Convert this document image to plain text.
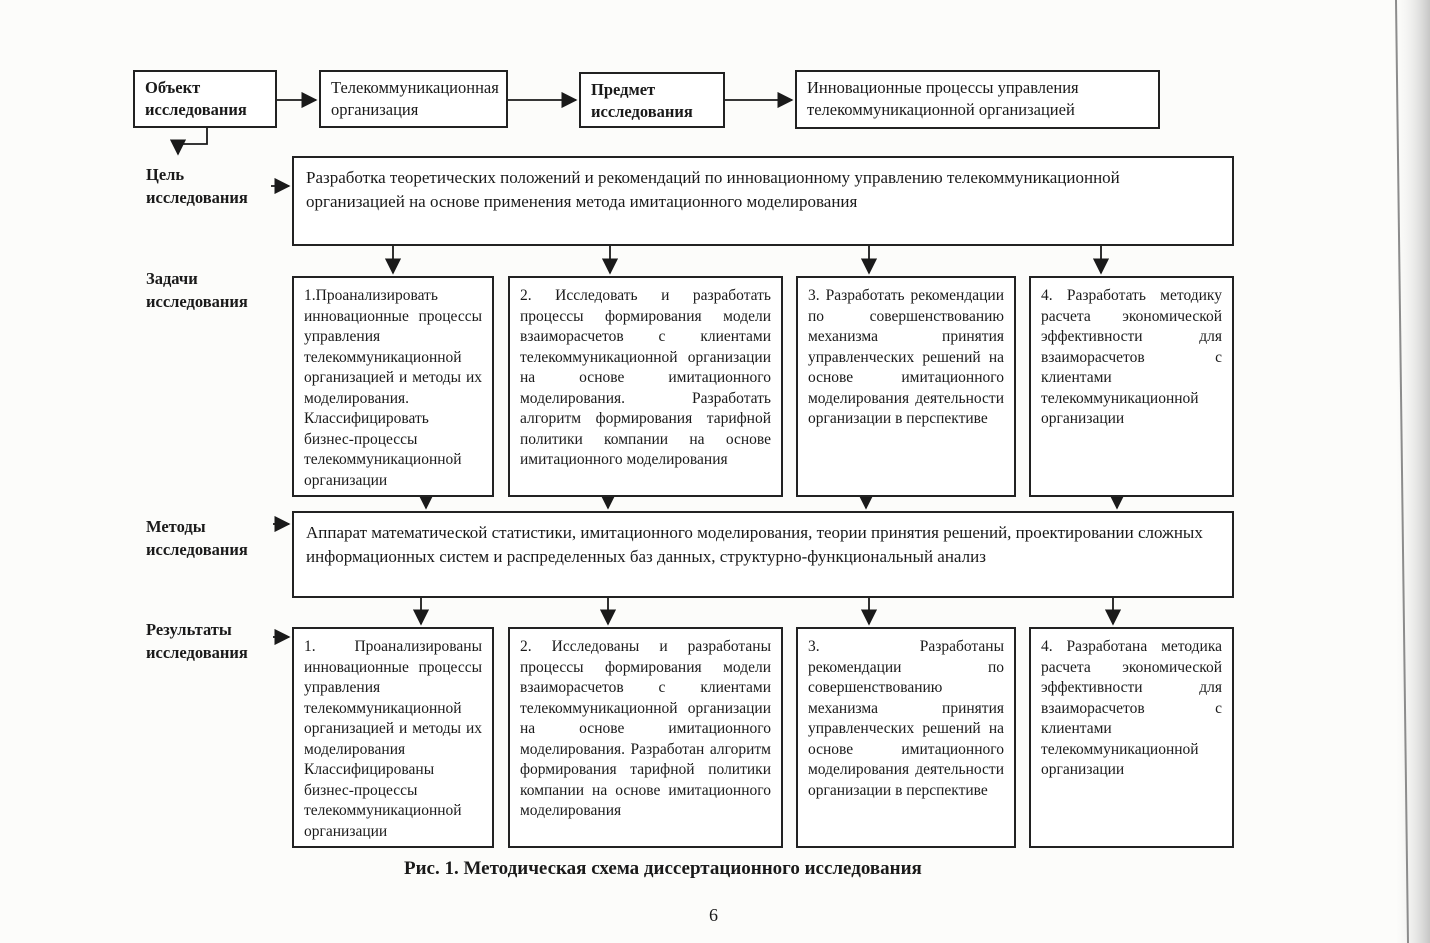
Объект исследования
Телекоммуникационная организация
Предмет исследования
Инновационные процессы управления телекоммуникационной организацией
Цель исследования
Разработка теоретических положений и рекомендаций по инновационному управлению телекоммуникационной организацией на основе применения метода имитационного моделирования
Задачи исследования	1.Проанализировать инновационные процессы управления телекоммуникационной организацией и методы их моделирования. Классифицировать бизнес-процессы телекоммуникационной организации
2. Исследовать и разработать процессы формирования модели взаиморасчетов с клиентами телекоммуникационной организации на основе имитационного моделирования. Разработать алгоритм формирования тарифной политики компании на основе имитационного моделирования
3. Разработать рекомендации по совершенствованию механизма принятия управленческих решений на основе имитационного моделирования деятельности организации в перспективе
4. Разработать методику расчета экономической эффективности для взаиморасчетов с клиентами телекоммуникационной организации
Методы исследования
Аппарат математической статистики, имитационного моделирования, теории принятия решений, проектировании сложных информационных систем и распределенных баз данных, структурно-функциональный анализ
Результаты исследования	1. Проанализированы инновационные процессы управления телекоммуникационной организацией и методы их моделирования Классифицированы бизнес-процессы телекоммуникационной организации
2. Исследованы и разработаны процессы формирования модели взаиморасчетов с клиентами телекоммуникационной организации на основе имитационного моделирования. Разработан алгоритм формирования тарифной политики компании на основе имитационного моделирования
3. Разработаны рекомендации по совершенствованию механизма принятия управленческих решений на основе имитационного моделирования деятельности организации в перспективе
4. Разработана методика расчета экономической эффективности для взаиморасчетов с клиентами телекоммуникационной организации
Рис. 1. Методическая схема диссертационного исследования
6
